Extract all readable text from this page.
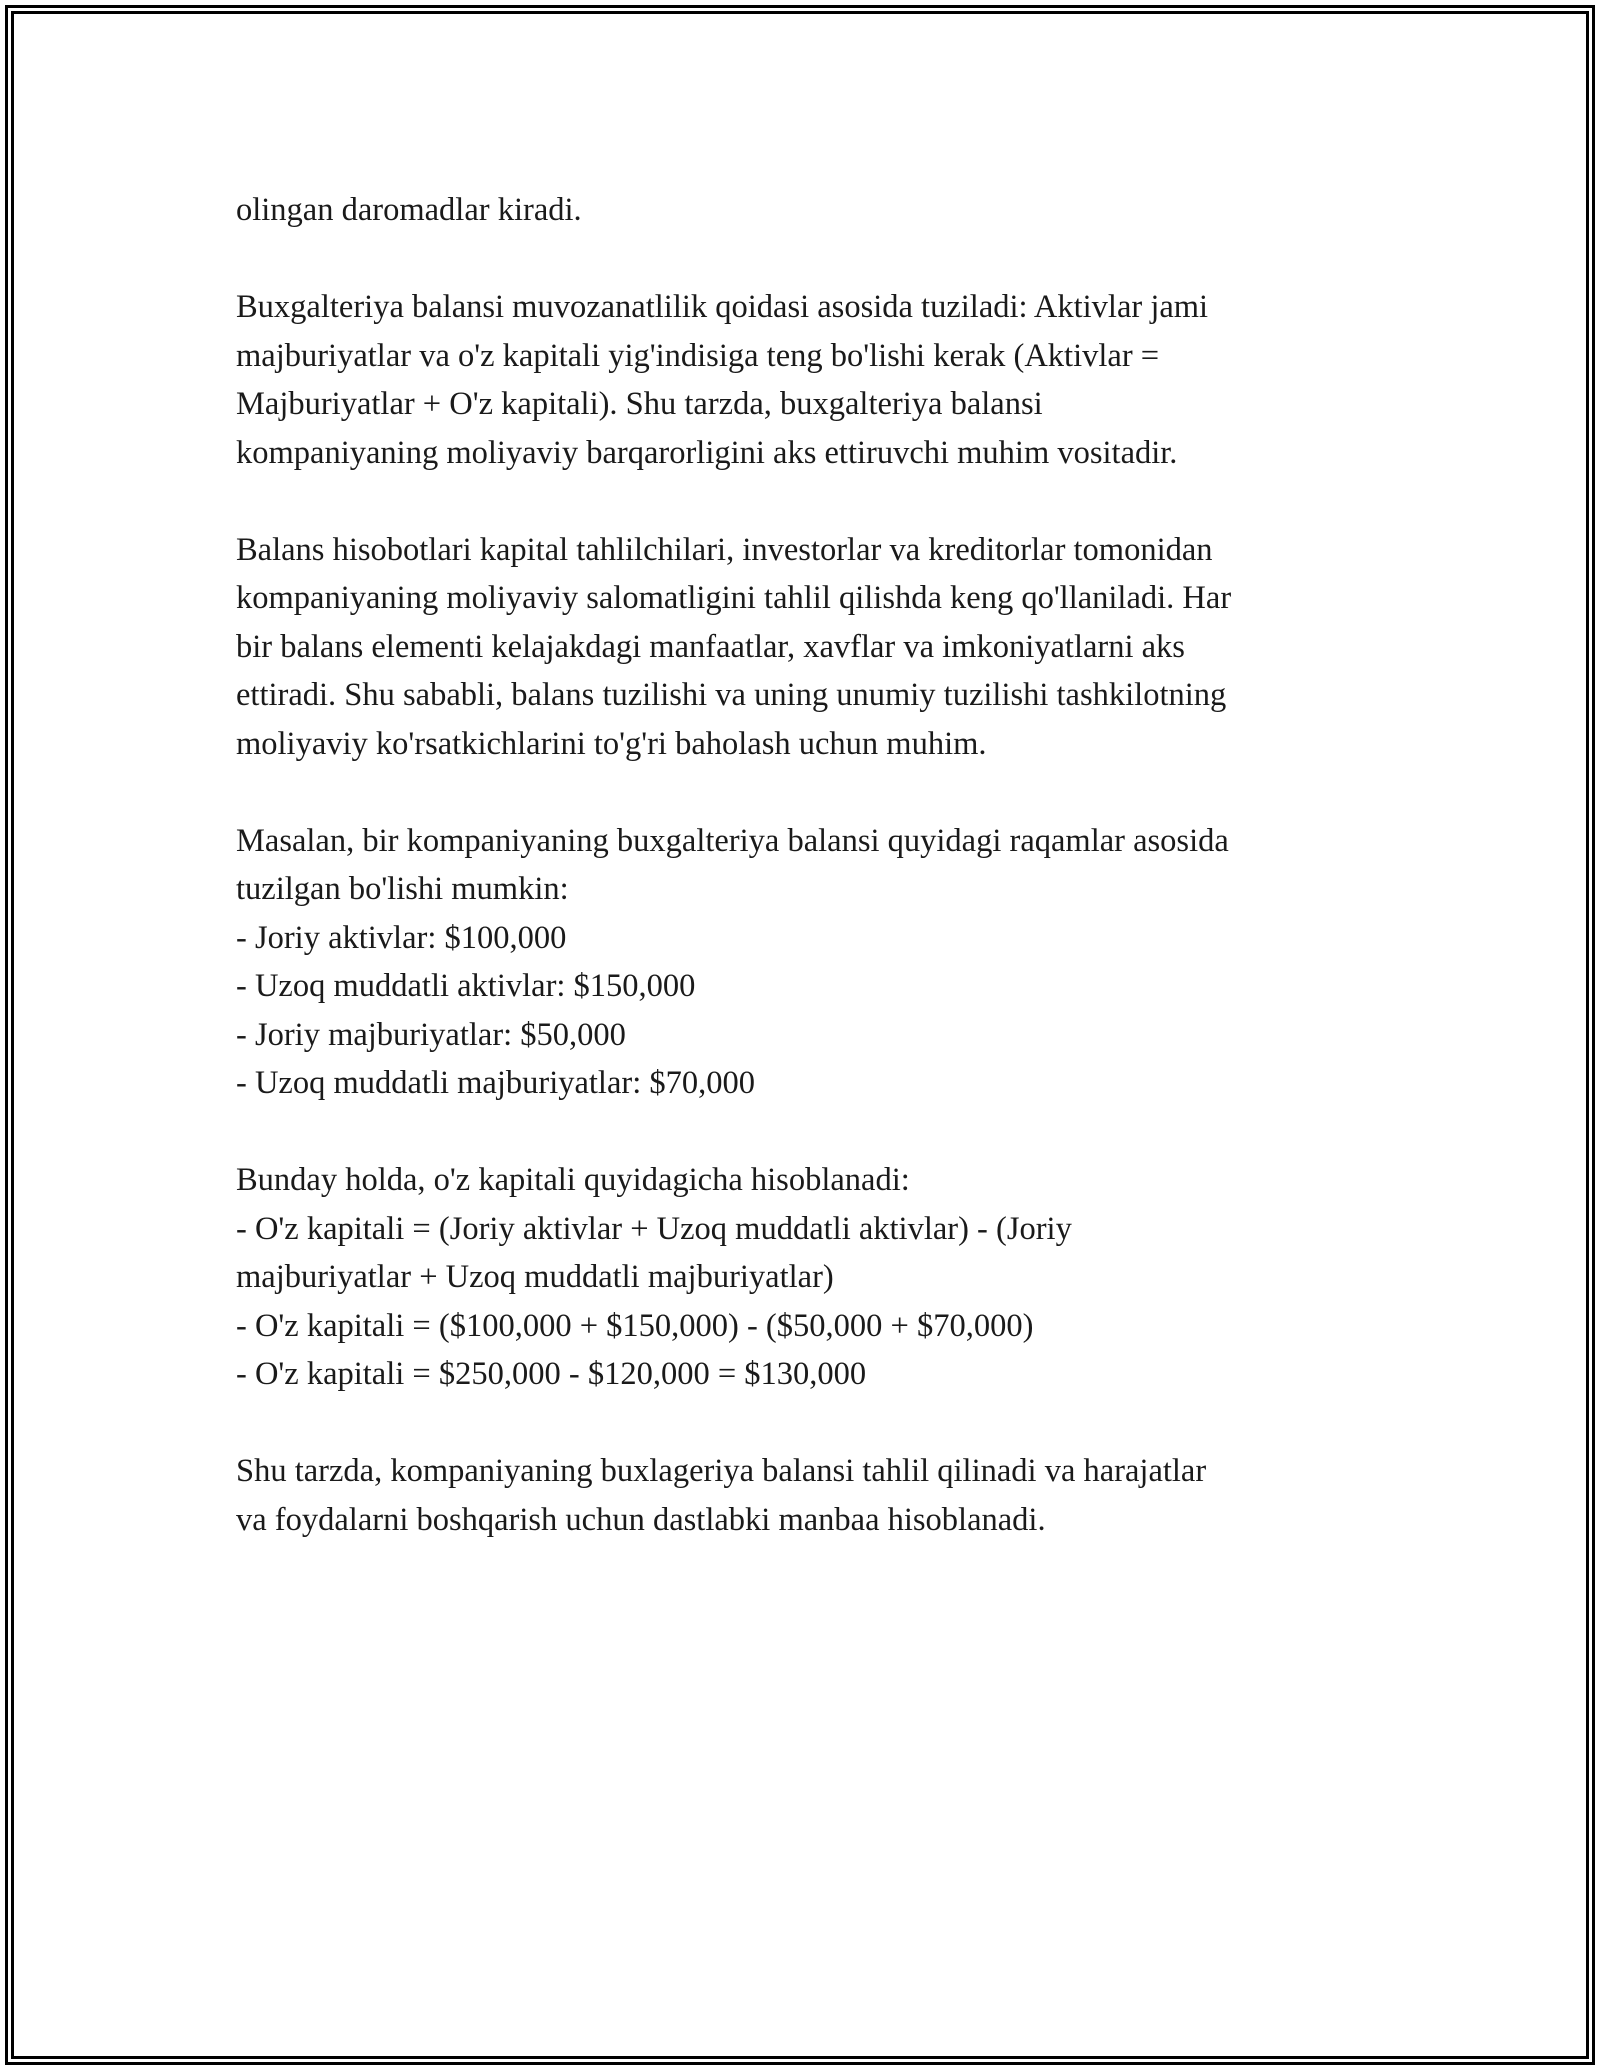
olingan daromadlar kiradi.
Buxgalteriya balansi muvozanatlilik qoidasi asosida tuziladi: Aktivlar jami
majburiyatlar va o'z kapitali yig'indisiga teng bo'lishi kerak (Aktivlar =
Majburiyatlar + O'z kapitali). Shu tarzda, buxgalteriya balansi
kompaniyaning moliyaviy barqarorligini aks ettiruvchi muhim vositadir.
Balans hisobotlari kapital tahlilchilari, investorlar va kreditorlar tomonidan
kompaniyaning moliyaviy salomatligini tahlil qilishda keng qo'llaniladi. Har
bir balans elementi kelajakdagi manfaatlar, xavflar va imkoniyatlarni aks
ettiradi. Shu sababli, balans tuzilishi va uning unumiy tuzilishi tashkilotning
moliyaviy ko'rsatkichlarini to'g'ri baholash uchun muhim.
Masalan, bir kompaniyaning buxgalteriya balansi quyidagi raqamlar asosida
tuzilgan bo'lishi mumkin:
- Joriy aktivlar: $100,000
- Uzoq muddatli aktivlar: $150,000
- Joriy majburiyatlar: $50,000
- Uzoq muddatli majburiyatlar: $70,000
Bunday holda, o'z kapitali quyidagicha hisoblanadi:
- O'z kapitali = (Joriy aktivlar + Uzoq muddatli aktivlar) - (Joriy
majburiyatlar + Uzoq muddatli majburiyatlar)
- O'z kapitali = ($100,000 + $150,000) - ($50,000 + $70,000)
- O'z kapitali = $250,000 - $120,000 = $130,000
Shu tarzda, kompaniyaning buxlageriya balansi tahlil qilinadi va harajatlar
va foydalarni boshqarish uchun dastlabki manbaa hisoblanadi.
